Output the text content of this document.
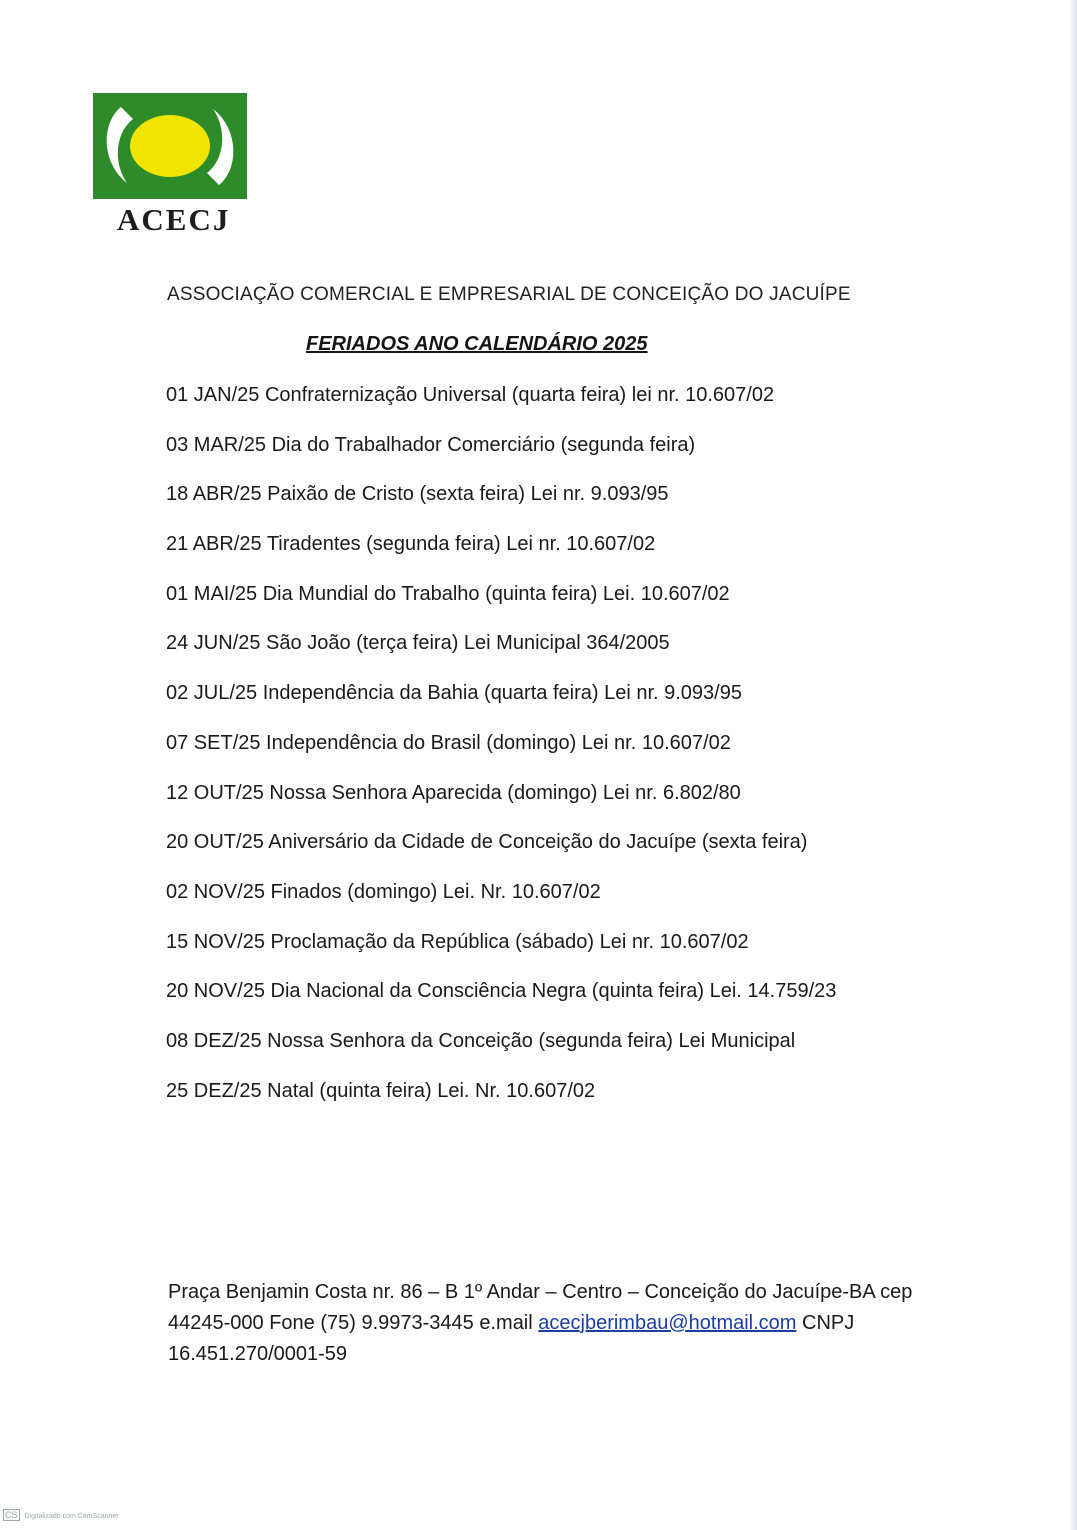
ACECJ
ASSOCIAÇÃO COMERCIAL E EMPRESARIAL DE CONCEIÇÃO DO JACUÍPE
FERIADOS ANO CALENDÁRIO 2025
01 JAN/25 Confraternização Universal (quarta feira) lei nr. 10.607/02
03 MAR/25 Dia do Trabalhador Comerciário (segunda feira)
18 ABR/25 Paixão de Cristo (sexta feira) Lei nr. 9.093/95
21 ABR/25 Tiradentes (segunda feira) Lei nr. 10.607/02
01 MAI/25 Dia Mundial do Trabalho (quinta feira) Lei. 10.607/02
24 JUN/25 São João (terça feira) Lei Municipal 364/2005
02 JUL/25 Independência da Bahia (quarta feira) Lei nr. 9.093/95
07 SET/25 Independência do Brasil (domingo) Lei nr. 10.607/02
12 OUT/25 Nossa Senhora Aparecida (domingo) Lei nr. 6.802/80
20 OUT/25 Aniversário da Cidade de Conceição do Jacuípe (sexta feira)
02 NOV/25 Finados (domingo) Lei. Nr. 10.607/02
15 NOV/25 Proclamação da República (sábado) Lei nr. 10.607/02
20 NOV/25 Dia Nacional da Consciência Negra (quinta feira) Lei. 14.759/23
08 DEZ/25 Nossa Senhora da Conceição (segunda feira) Lei Municipal
25 DEZ/25 Natal (quinta feira) Lei. Nr. 10.607/02
Praça Benjamin Costa nr. 86 – B 1º Andar – Centro – Conceição do Jacuípe-BA cep 44245-000 Fone (75) 9.9973-3445 e.mail acecjberimbau@hotmail.com CNPJ 16.451.270/0001-59
CS Digitalizado com CamScanner
